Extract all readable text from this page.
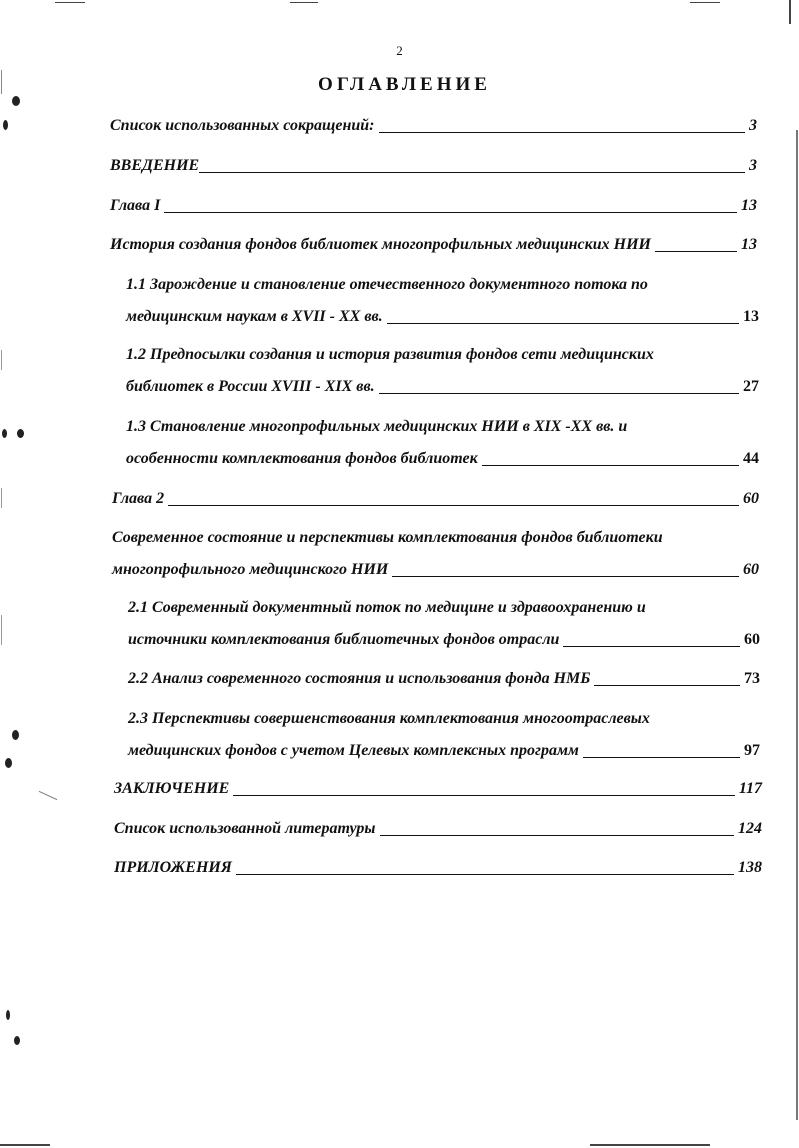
2
ОГЛАВЛЕНИЕ
Список использованных сокращений:	3
ВВЕДЕНИЕ	3
Глава I	13
История создания фондов библиотек многопрофильных медицинских НИИ	13
1.1 Зарождение и становление отечественного документного потока по
медицинским наукам в XVII - XX вв.	13
1.2 Предпосылки создания и история развития фондов сети медицинских
библиотек в России XVIII - XIX вв.	27
1.3 Становление многопрофильных медицинских НИИ в XIX -XX вв. и
особенности комплектования фондов библиотек	44
Глава 2	60
Современное состояние и перспективы комплектования фондов библиотеки
многопрофильного медицинского НИИ	60
2.1 Современный документный поток по медицине и здравоохранению и
источники комплектования библиотечных фондов отрасли	60
2.2 Анализ современного состояния и использования фонда НМБ	73
2.3 Перспективы совершенствования комплектования многоотраслевых
медицинских фондов с учетом Целевых комплексных программ	97
ЗАКЛЮЧЕНИЕ	117
Список использованной литературы	124
ПРИЛОЖЕНИЯ	138
